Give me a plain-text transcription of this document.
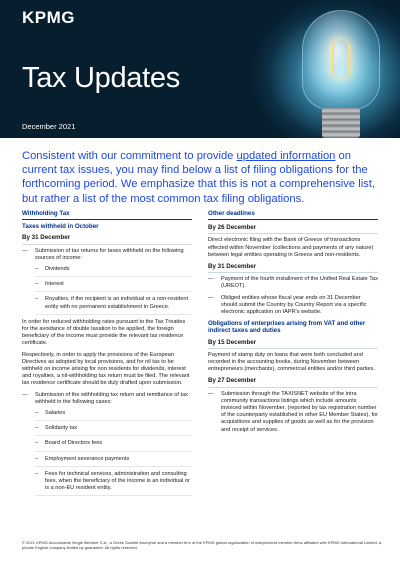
KPMG
Tax Updates
December 2021
Consistent with our commitment to provide updated information on current tax issues, you may find below a list of filing obligations for the forthcoming period. We emphasize that this is not a comprehensive list, but rather a list of the most common tax filing obligations.
Withholding Tax
Taxes withheld in October
By 31 December
—	Submission of tax returns for taxes withheld on the following sources of income:
–	Dividends
–	Interest
–	Royalties, if the recipient is an individual or a non-resident entity with no permanent establishment in Greece.
In order for reduced withholding rates pursuant to the Tax Treaties for the avoidance of double taxation to be applied, the foreign beneficiary of the income must provide the relevant tax residence certificate.
Respectively, in order to apply the provisions of the European Directives as adopted by local provisions, and for nil tax to be withheld on income arising for non residents for dividends, interest and royalties, a nil-withholding tax return must be filed. The relevant tax residence certificate should be duly drafted upon submission.
—	Submission of the withholding tax return and remittance of tax withheld in the following cases:
–	Salaries
–	Solidarity tax
–	Board of Directors fees
–	Employment severance payments
–	Fees for technical services, administration and consulting fees, when the beneficiary of the income is an individual or is a non-EU resident entity.
Other deadlines
By 26 December
Direct electronic filing with the Bank of Greece of transactions effected within November (collections and payments of any nature) between legal entities operating in Greece and non-residents.
By 31 December
—	Payment of the fourth installment of the Unified Real Estate Tax (UREOT).
—	Obliged entities whose fiscal year ends on 31 December should submit the Country by Country Report via a specific electronic application on IAPR's website.
Obligations of enterprises arising from VAT and other indirect taxes and duties
By 15 December
Payment of stamp duty on loans that were both concluded and recorded in the accounting books, during November between entrepreneurs (merchants), commercial entities and/or third parties.
By 27 December
—	Submission through the TAXISNET website of the intra community transactions listings which include amounts invoiced within November, (reported by tax registration number of the counterparty established in other EU Member States), for acquisitions and supplies of goods as well as for the provision and receipt of services.
© 2021 KPMG Accountants Single Member S.A., a Greek Société Anonyme and a member firm of the KPMG global organization of independent member firms affiliated with KPMG International Limited, a private English company limited by guarantee. All rights reserved.
